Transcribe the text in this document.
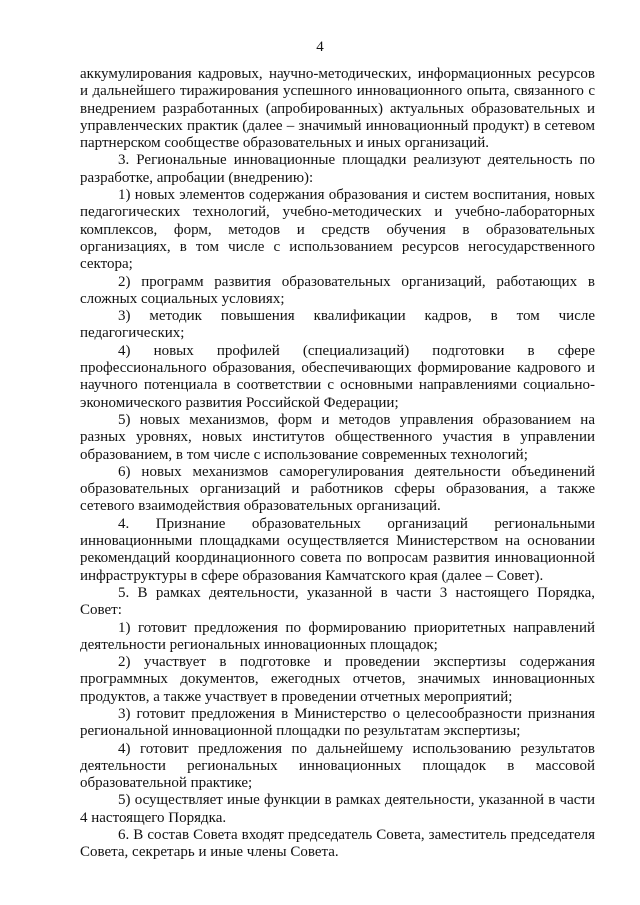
4

аккумулирования кадровых, научно-методических, информационных ресурсов и дальнейшего тиражирования успешного инновационного опыта, связанного с внедрением разработанных (апробированных) актуальных образовательных и управленческих практик (далее – значимый инновационный продукт) в сетевом партнерском сообществе образовательных и иных организаций.

3. Региональные инновационные площадки реализуют деятельность по разработке, апробации (внедрению):

1) новых элементов содержания образования и систем воспитания, новых педагогических технологий, учебно-методических и учебно-лабораторных комплексов, форм, методов и средств обучения в образовательных организациях, в том числе с использованием ресурсов негосударственного сектора;

2) программ развития образовательных организаций, работающих в сложных социальных условиях;

3) методик повышения квалификации кадров, в том числе педагогических;

4) новых профилей (специализаций) подготовки в сфере профессионального образования, обеспечивающих формирование кадрового и научного потенциала в соответствии с основными направлениями социально-экономического развития Российской Федерации;

5) новых механизмов, форм и методов управления образованием на разных уровнях, новых институтов общественного участия в управлении образованием, в том числе с использование современных технологий;

6) новых механизмов саморегулирования деятельности объединений образовательных организаций и работников сферы образования, а также сетевого взаимодействия образовательных организаций.

4. Признание образовательных организаций региональными инновационными площадками осуществляется Министерством на основании рекомендаций координационного совета по вопросам развития инновационной инфраструктуры в сфере образования Камчатского края (далее – Совет).

5. В рамках деятельности, указанной в части 3 настоящего Порядка, Совет:

1) готовит предложения по формированию приоритетных направлений деятельности региональных инновационных площадок;

2) участвует в подготовке и проведении экспертизы содержания программных документов, ежегодных отчетов, значимых инновационных продуктов, а также участвует в проведении отчетных мероприятий;

3) готовит предложения в Министерство о целесообразности признания региональной инновационной площадки по результатам экспертизы;

4) готовит предложения по дальнейшему использованию результатов деятельности региональных инновационных площадок в массовой образовательной практике;

5) осуществляет иные функции в рамках деятельности, указанной в части 4 настоящего Порядка.

6. В состав Совета входят председатель Совета, заместитель председателя Совета, секретарь и иные члены Совета.
